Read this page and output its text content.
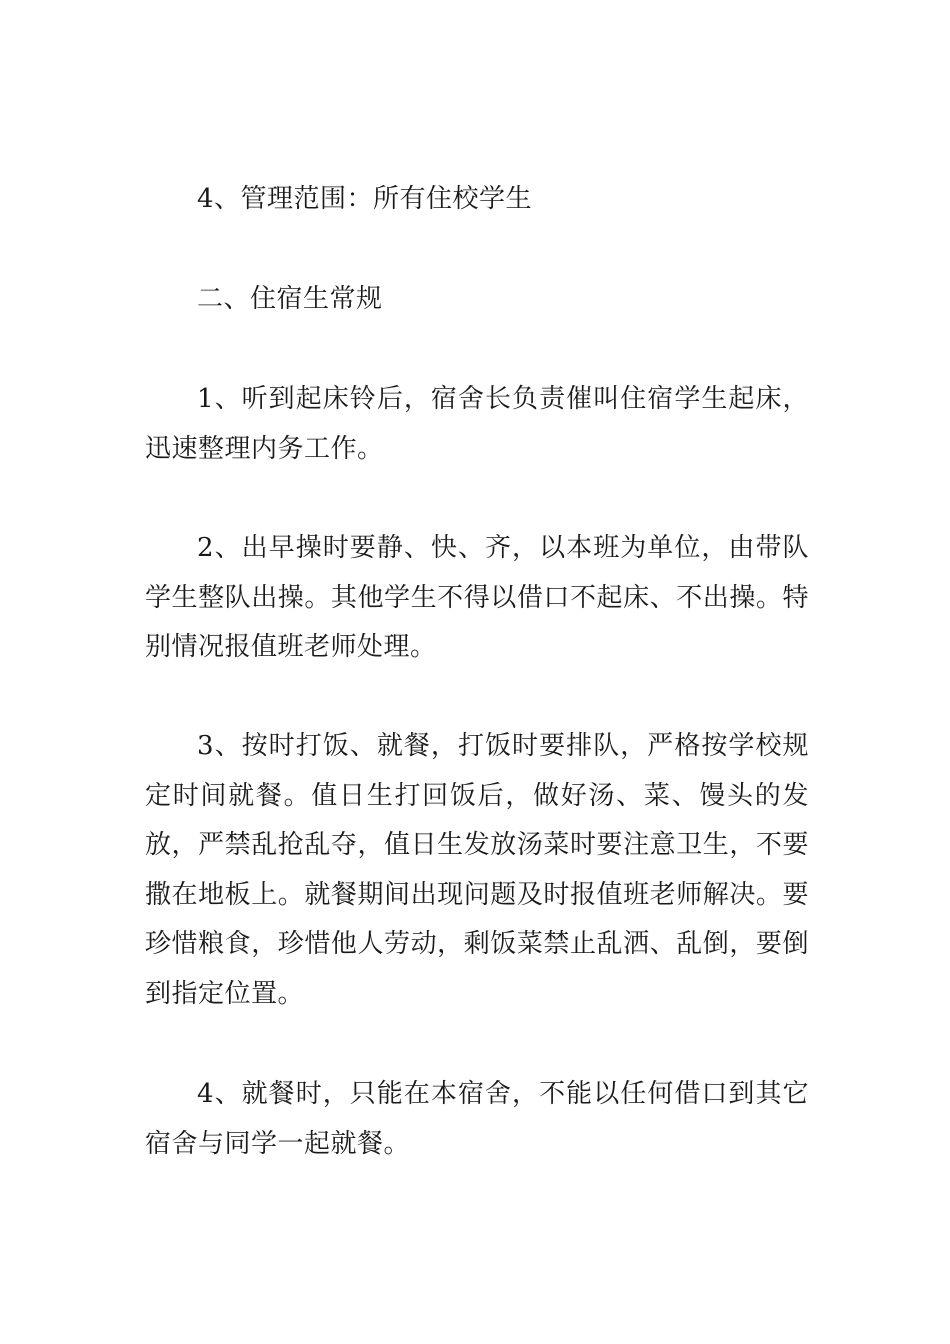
4、管理范围：所有住校学生

二、住宿生常规

1、听到起床铃后，宿舍长负责催叫住宿学生起床，迅速整理内务工作。

2、出早操时要静、快、齐，以本班为单位，由带队学生整队出操。其他学生不得以借口不起床、不出操。特别情况报值班老师处理。

3、按时打饭、就餐，打饭时要排队，严格按学校规定时间就餐。值日生打回饭后，做好汤、菜、馒头的发放，严禁乱抢乱夺，值日生发放汤菜时要注意卫生，不要撒在地板上。就餐期间出现问题及时报值班老师解决。要珍惜粮食，珍惜他人劳动，剩饭菜禁止乱洒、乱倒，要倒到指定位置。

4、就餐时，只能在本宿舍，不能以任何借口到其它宿舍与同学一起就餐。
